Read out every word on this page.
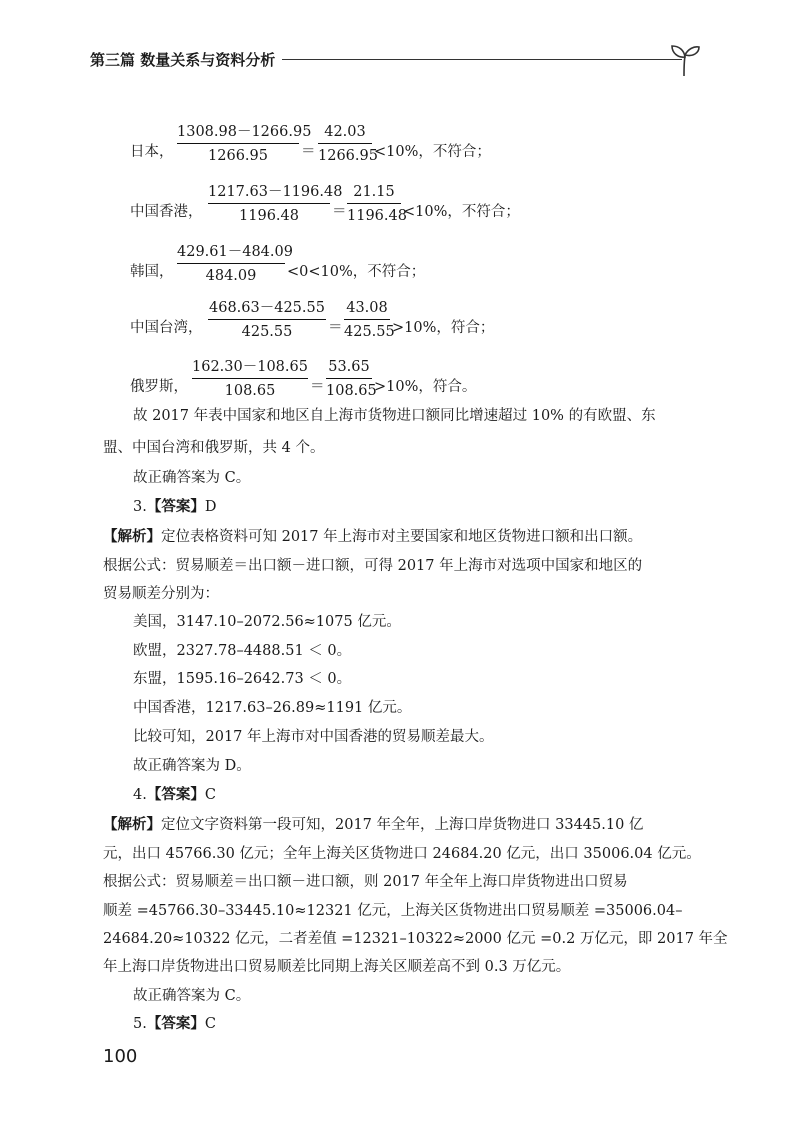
第三篇 数量关系与资料分析
日本，
1308.98－1266.95
1266.95	＝
42.03
1266.95
<10%，不符合；
中国香港，
1217.63－1196.48
1196.48	＝
21.15
1196.48
<10%，不符合；
韩国，
429.61－484.09
484.09	<0<10%，不符合；
中国台湾，
468.63－425.55
425.55	＝
43.08
425.55
>10%，符合；
俄罗斯，
162.30－108.65
108.65	＝
53.65
108.65
>10%，符合。
故 2017 年表中国家和地区自上海市货物进口额同比增速超过 10% 的有欧盟、东
盟、中国台湾和俄罗斯，共 4 个。
故正确答案为 C。
3.【答案】D
【解析】定位表格资料可知 2017 年上海市对主要国家和地区货物进口额和出口额。
根据公式：贸易顺差＝出口额－进口额，可得 2017 年上海市对选项中国家和地区的
贸易顺差分别为：
美国，3147.10–2072.56≈1075 亿元。
欧盟，2327.78–4488.51 ＜ 0。
东盟，1595.16–2642.73 ＜ 0。
中国香港，1217.63–26.89≈1191 亿元。
比较可知，2017 年上海市对中国香港的贸易顺差最大。
故正确答案为 D。
4.【答案】C
【解析】定位文字资料第一段可知，2017 年全年，上海口岸货物进口 33445.10 亿
元，出口 45766.30 亿元；全年上海关区货物进口 24684.20 亿元，出口 35006.04 亿元。
根据公式：贸易顺差＝出口额－进口额，则 2017 年全年上海口岸货物进出口贸易
顺差 =45766.30–33445.10≈12321 亿元，上海关区货物进出口贸易顺差 =35006.04–
24684.20≈10322 亿元，二者差值 =12321–10322≈2000 亿元 =0.2 万亿元，即 2017 年全
年上海口岸货物进出口贸易顺差比同期上海关区顺差高不到 0.3 万亿元。
故正确答案为 C。
5.【答案】C
100
